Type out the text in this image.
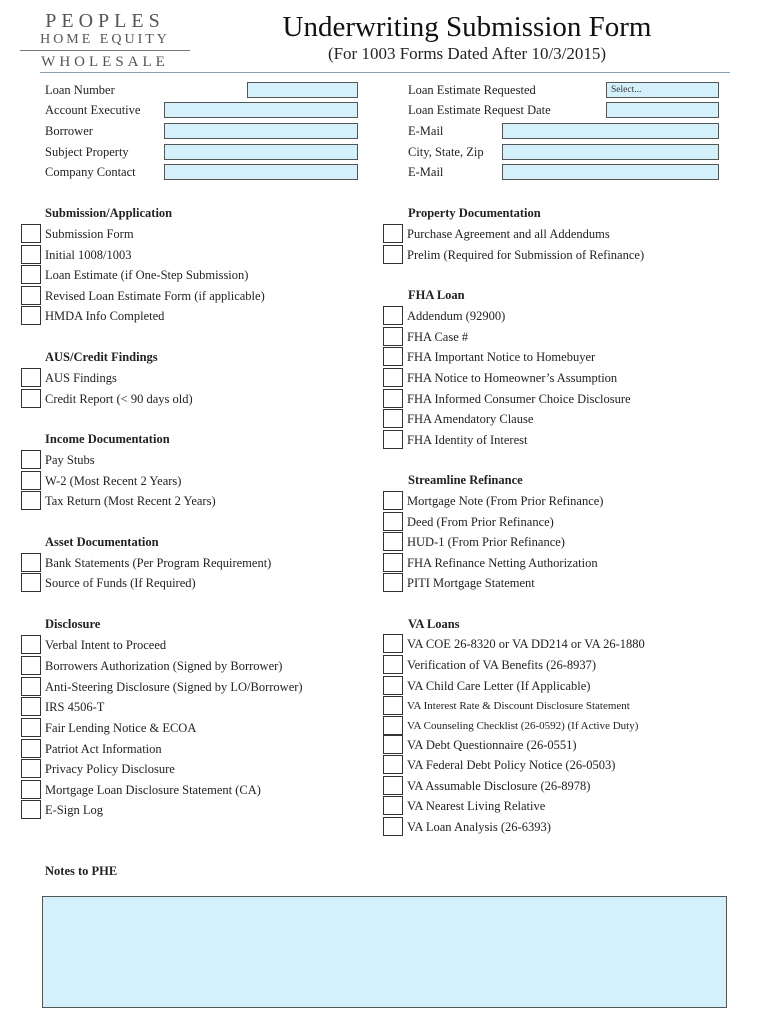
PEOPLES
HOME EQUITY
WHOLESALE
Underwriting Submission Form
(For 1003 Forms Dated After 10/3/2015)
Loan Number
Account Executive
Borrower
Subject Property
Company Contact
Loan Estimate Requested	Select...
Loan Estimate Request Date
E-Mail
City, State, Zip
E-Mail
Submission/Application
Submission Form
Initial 1008/1003
Loan Estimate (if One-Step Submission)
Revised Loan Estimate Form (if applicable)
HMDA Info Completed
AUS/Credit Findings
AUS Findings
Credit Report (< 90 days old)
Income Documentation
Pay Stubs
W-2 (Most Recent 2 Years)
Tax Return (Most Recent 2 Years)
Asset Documentation
Bank Statements (Per Program Requirement)
Source of Funds (If Required)
Disclosure
Verbal Intent to Proceed
Borrowers Authorization (Signed by Borrower)
Anti-Steering Disclosure (Signed by LO/Borrower)
IRS 4506-T
Fair Lending Notice & ECOA
Patriot Act Information
Privacy Policy Disclosure
Mortgage Loan Disclosure Statement (CA)
E-Sign Log
Property Documentation
Purchase Agreement and all Addendums
Prelim (Required for Submission of Refinance)
FHA Loan
Addendum (92900)
FHA Case #
FHA Important Notice to Homebuyer
FHA Notice to Homeowner’s Assumption
FHA Informed Consumer Choice Disclosure
FHA Amendatory Clause
FHA Identity of Interest
Streamline Refinance
Mortgage Note (From Prior Refinance)
Deed (From Prior Refinance)
HUD-1 (From Prior Refinance)
FHA Refinance Netting Authorization
PITI Mortgage Statement
VA Loans
VA COE 26-8320 or VA DD214 or VA 26-1880
Verification of VA Benefits (26-8937)
VA Child Care Letter (If Applicable)
VA Interest Rate & Discount Disclosure Statement
VA Counseling Checklist (26-0592) (If Active Duty)
VA Debt Questionnaire (26-0551)
VA Federal Debt Policy Notice (26-0503)
VA Assumable Disclosure (26-8978)
VA Nearest Living Relative
VA Loan Analysis (26-6393)
Notes to PHE
